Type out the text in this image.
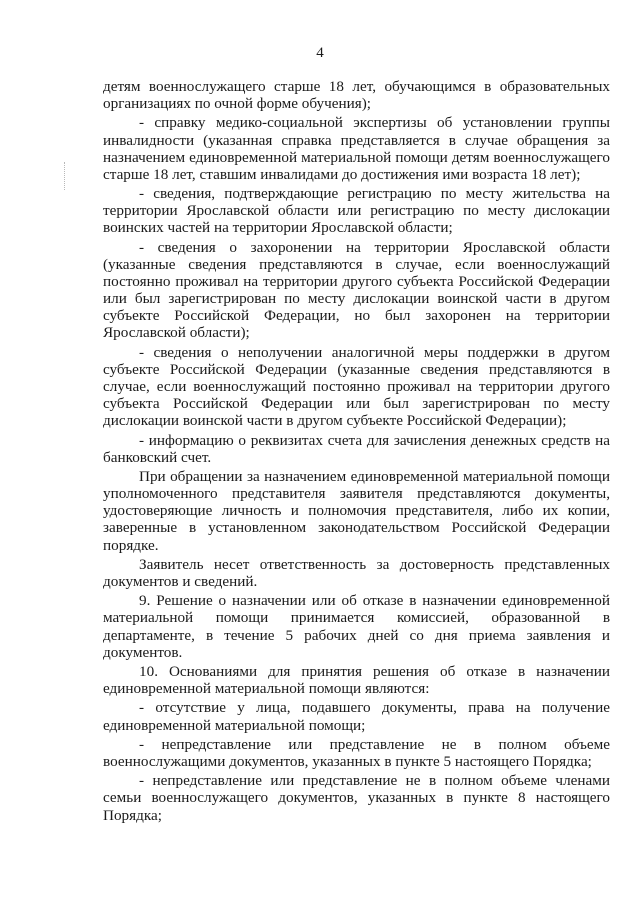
4

детям военнослужащего старше 18 лет, обучающимся в образовательных организациях по очной форме обучения);

- справку медико-социальной экспертизы об установлении группы инвалидности (указанная справка представляется в случае обращения за назначением единовременной материальной помощи детям военнослужащего старше 18 лет, ставшим инвалидами до достижения ими возраста 18 лет);

- сведения, подтверждающие регистрацию по месту жительства на территории Ярославской области или регистрацию по месту дислокации воинских частей на территории Ярославской области;

- сведения о захоронении на территории Ярославской области (указанные сведения представляются в случае, если военнослужащий постоянно проживал на территории другого субъекта Российской Федерации или был зарегистрирован по месту дислокации воинской части в другом субъекте Российской Федерации, но был захоронен на территории Ярославской области);

- сведения о неполучении аналогичной меры поддержки в другом субъекте Российской Федерации (указанные сведения представляются в случае, если военнослужащий постоянно проживал на территории другого субъекта Российской Федерации или был зарегистрирован по месту дислокации воинской части в другом субъекте Российской Федерации);

- информацию о реквизитах счета для зачисления денежных средств на банковский счет.

При обращении за назначением единовременной материальной помощи уполномоченного представителя заявителя представляются документы, удостоверяющие личность и полномочия представителя, либо их копии, заверенные в установленном законодательством Российской Федерации порядке.

Заявитель несет ответственность за достоверность представленных документов и сведений.

9. Решение о назначении или об отказе в назначении единовременной материальной помощи принимается комиссией, образованной в департаменте, в течение 5 рабочих дней со дня приема заявления и документов.

10. Основаниями для принятия решения об отказе в назначении единовременной материальной помощи являются:

- отсутствие у лица, подавшего документы, права на получение единовременной материальной помощи;

- непредставление или представление не в полном объеме военнослужащими документов, указанных в пункте 5 настоящего Порядка;

- непредставление или представление не в полном объеме членами семьи военнослужащего документов, указанных в пункте 8 настоящего Порядка;
